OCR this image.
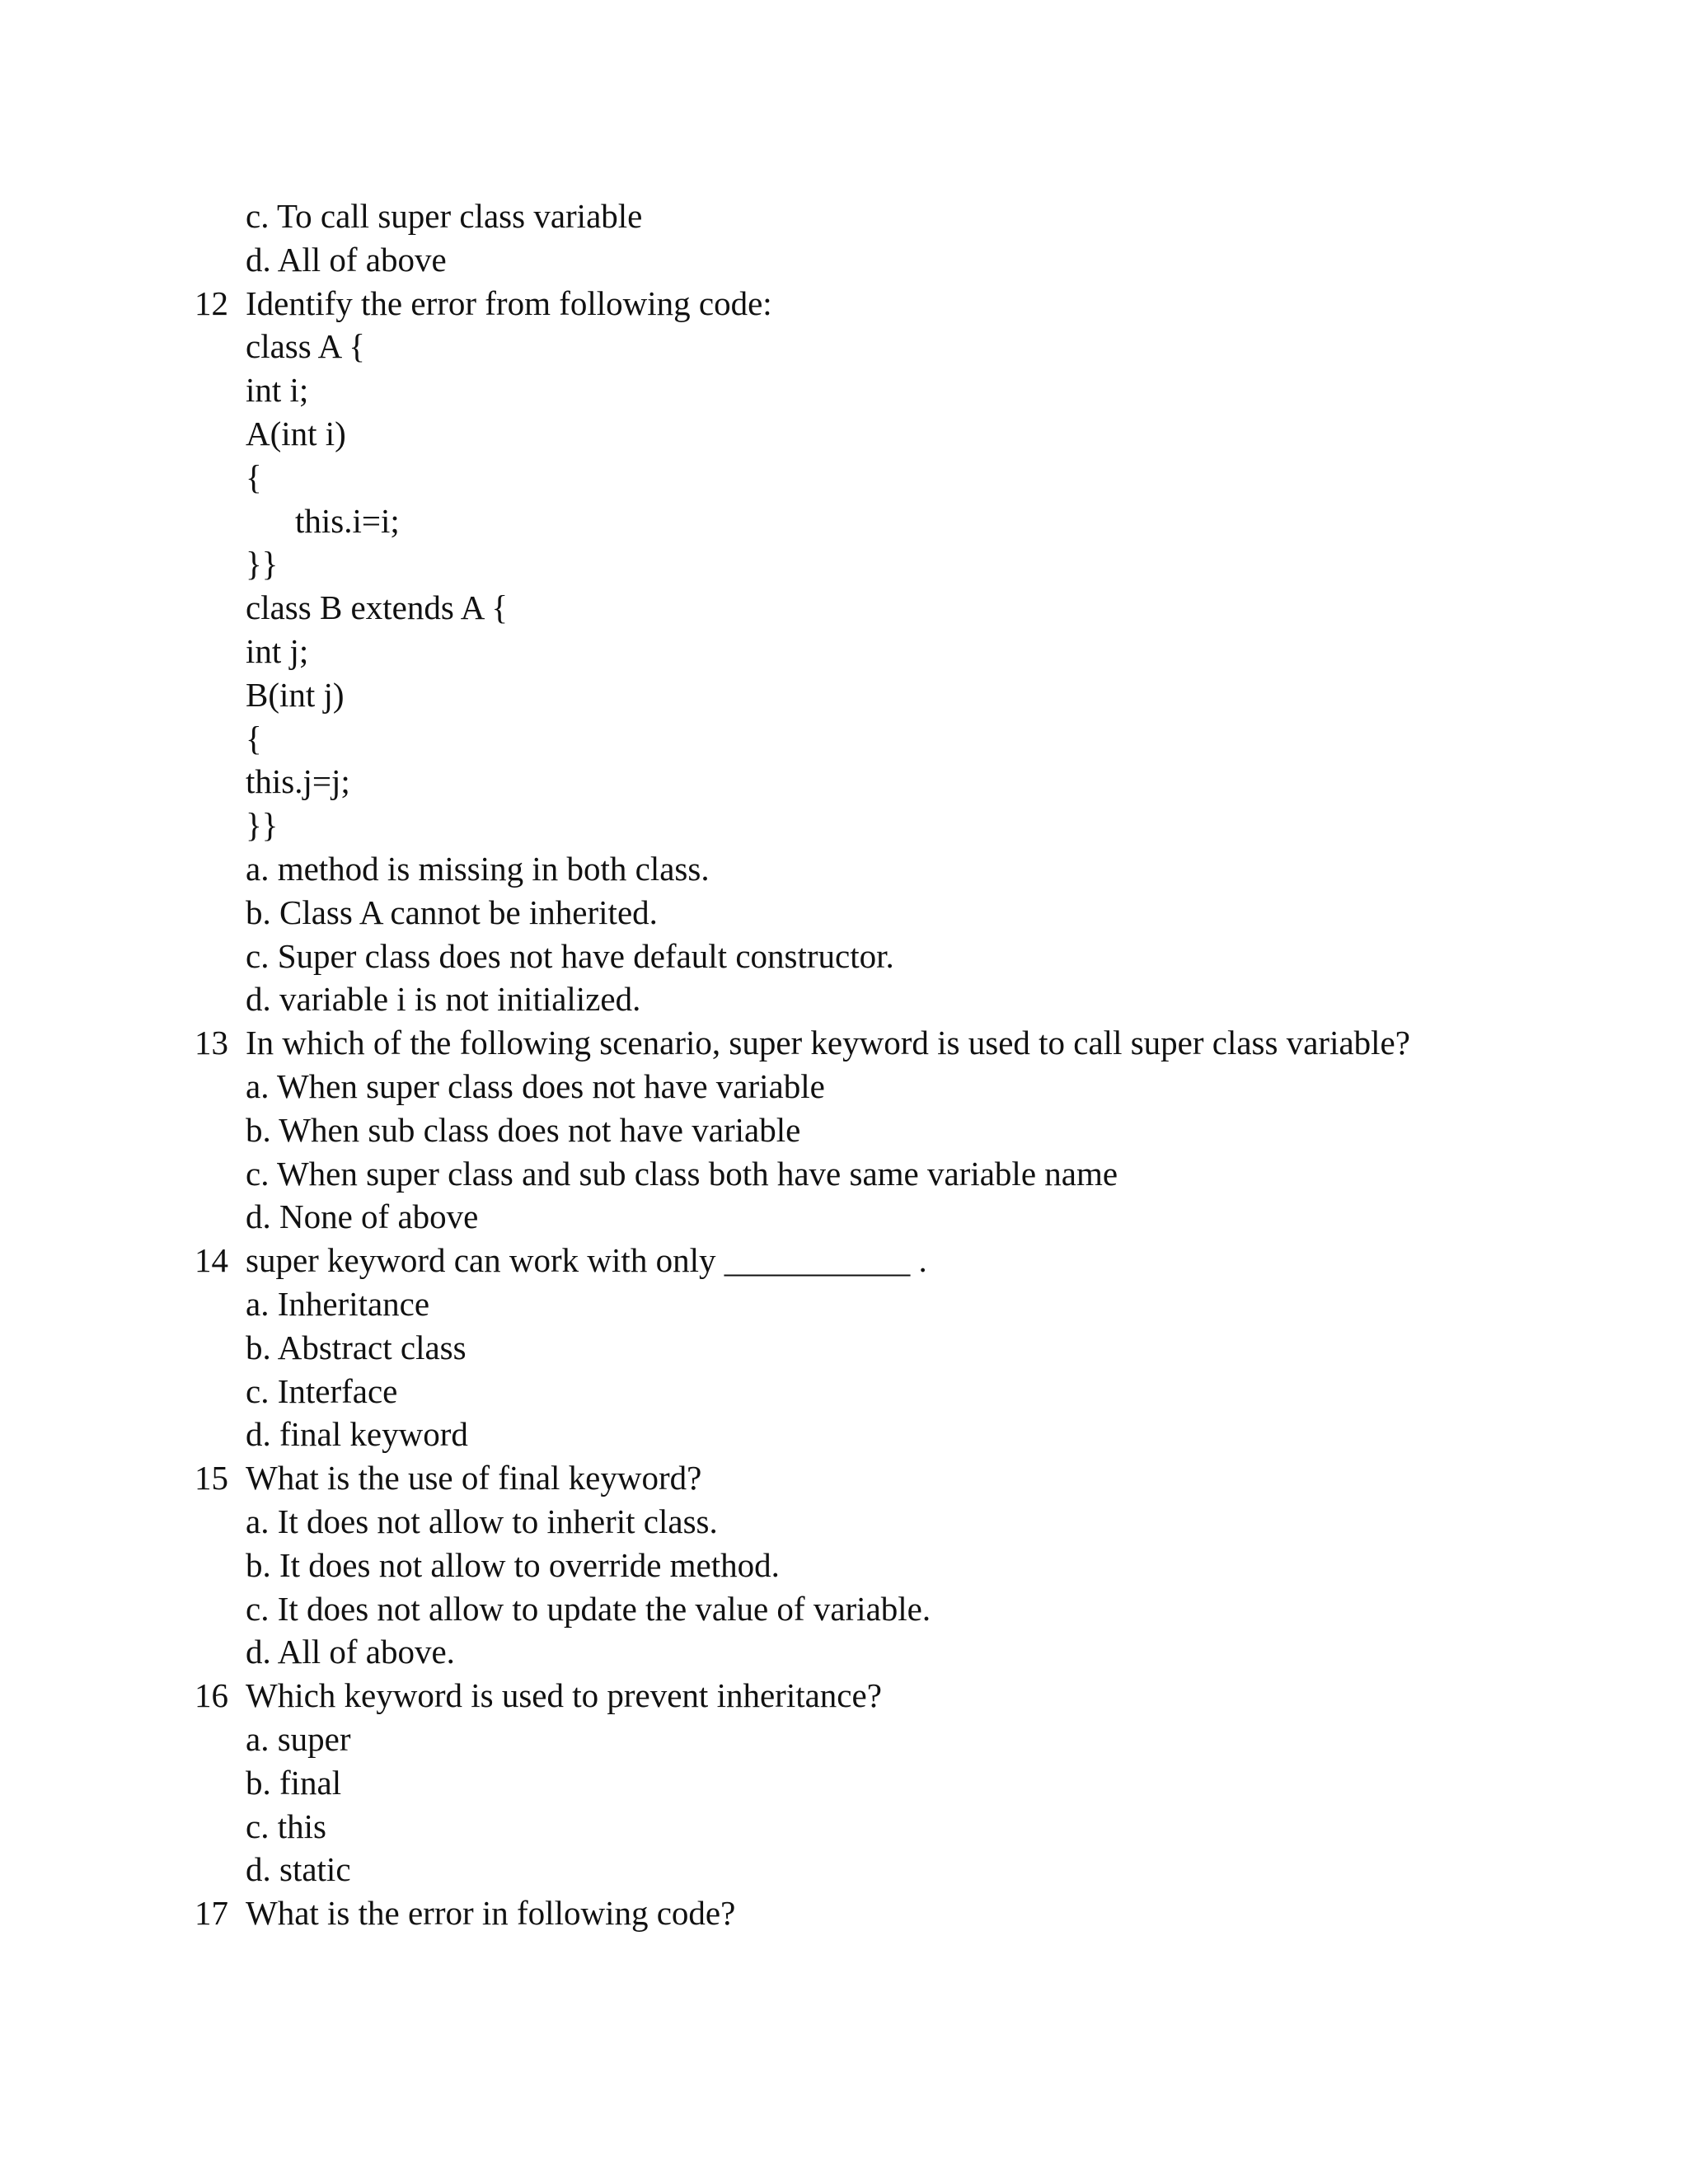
c. To call super class variable
d. All of above
12 Identify the error from following code:
class A {
int i;
A(int i)
{
this.i=i;
}}
class B extends A {
int j;
B(int j)
{
this.j=j;
}}
a. method is missing in both class.
b. Class A cannot be inherited.
c. Super class does not have default constructor.
d. variable i is not initialized.
13 In which of the following scenario, super keyword is used to call super class variable?
a. When super class does not have variable
b. When sub class does not have variable
c. When super class and sub class both have same variable name
d. None of above
14 super keyword can work with only ___________ .
a. Inheritance
b. Abstract class
c. Interface
d. final keyword
15 What is the use of final keyword?
a. It does not allow to inherit class.
b. It does not allow to override method.
c. It does not allow to update the value of variable.
d. All of above.
16 Which keyword is used to prevent inheritance?
a. super
b. final
c. this
d. static
17 What is the error in following code?
